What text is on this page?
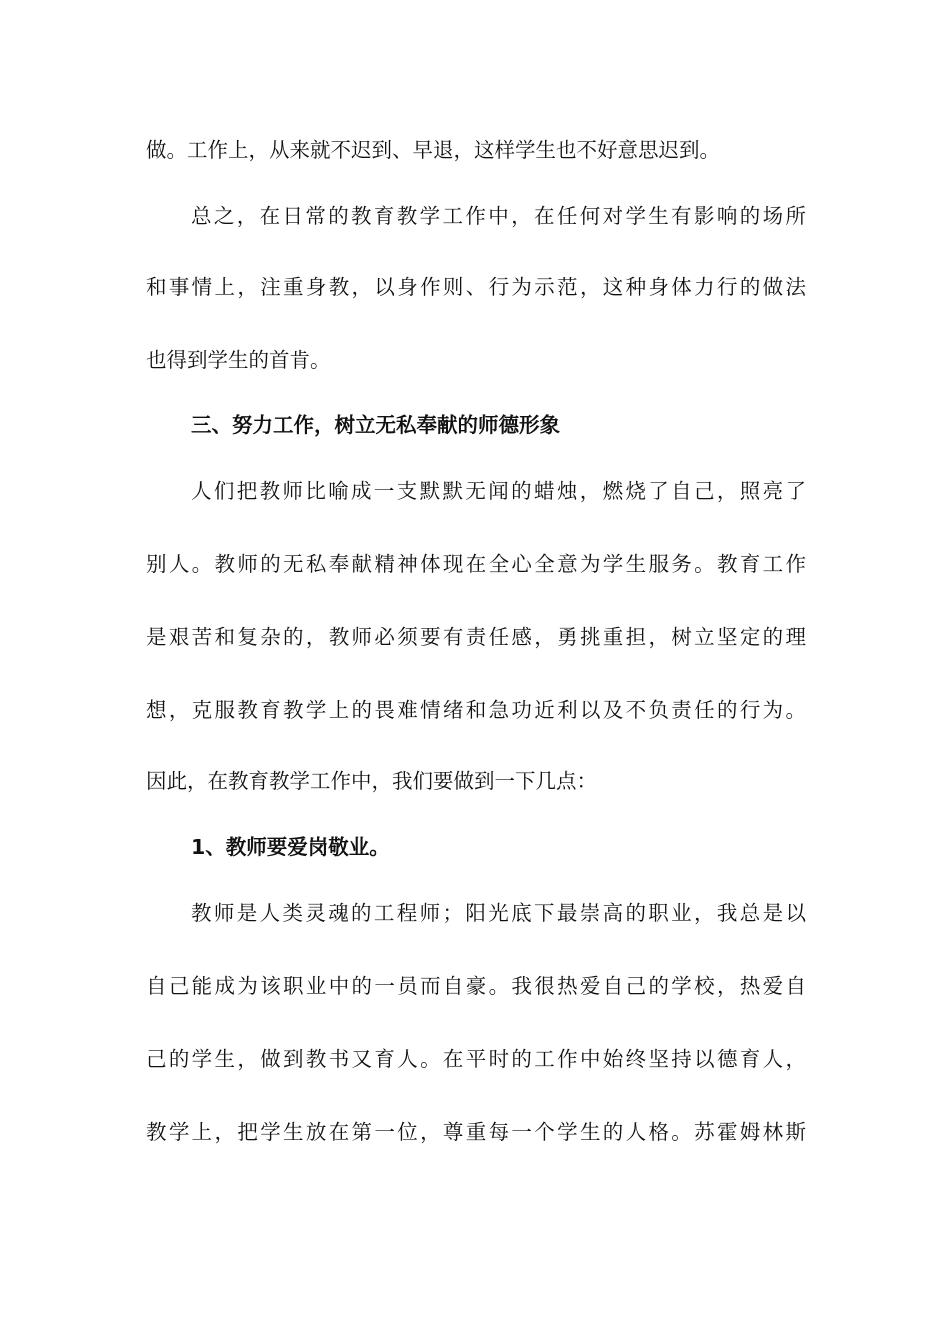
做。工作上，从来就不迟到、早退，这样学生也不好意思迟到。
总之，在日常的教育教学工作中，在任何对学生有影响的场所
和事情上，注重身教，以身作则、行为示范，这种身体力行的做法
也得到学生的首肯。
三、努力工作，树立无私奉献的师德形象
人们把教师比喻成一支默默无闻的蜡烛，燃烧了自己，照亮了
别人。教师的无私奉献精神体现在全心全意为学生服务。教育工作
是艰苦和复杂的，教师必须要有责任感，勇挑重担，树立坚定的理
想，克服教育教学上的畏难情绪和急功近利以及不负责任的行为。
因此，在教育教学工作中，我们要做到一下几点：
1、教师要爱岗敬业。
教师是人类灵魂的工程师；阳光底下最崇高的职业，我总是以
自己能成为该职业中的一员而自豪。我很热爱自己的学校，热爱自
己的学生，做到教书又育人。在平时的工作中始终坚持以德育人，
教学上，把学生放在第一位，尊重每一个学生的人格。苏霍姆林斯
